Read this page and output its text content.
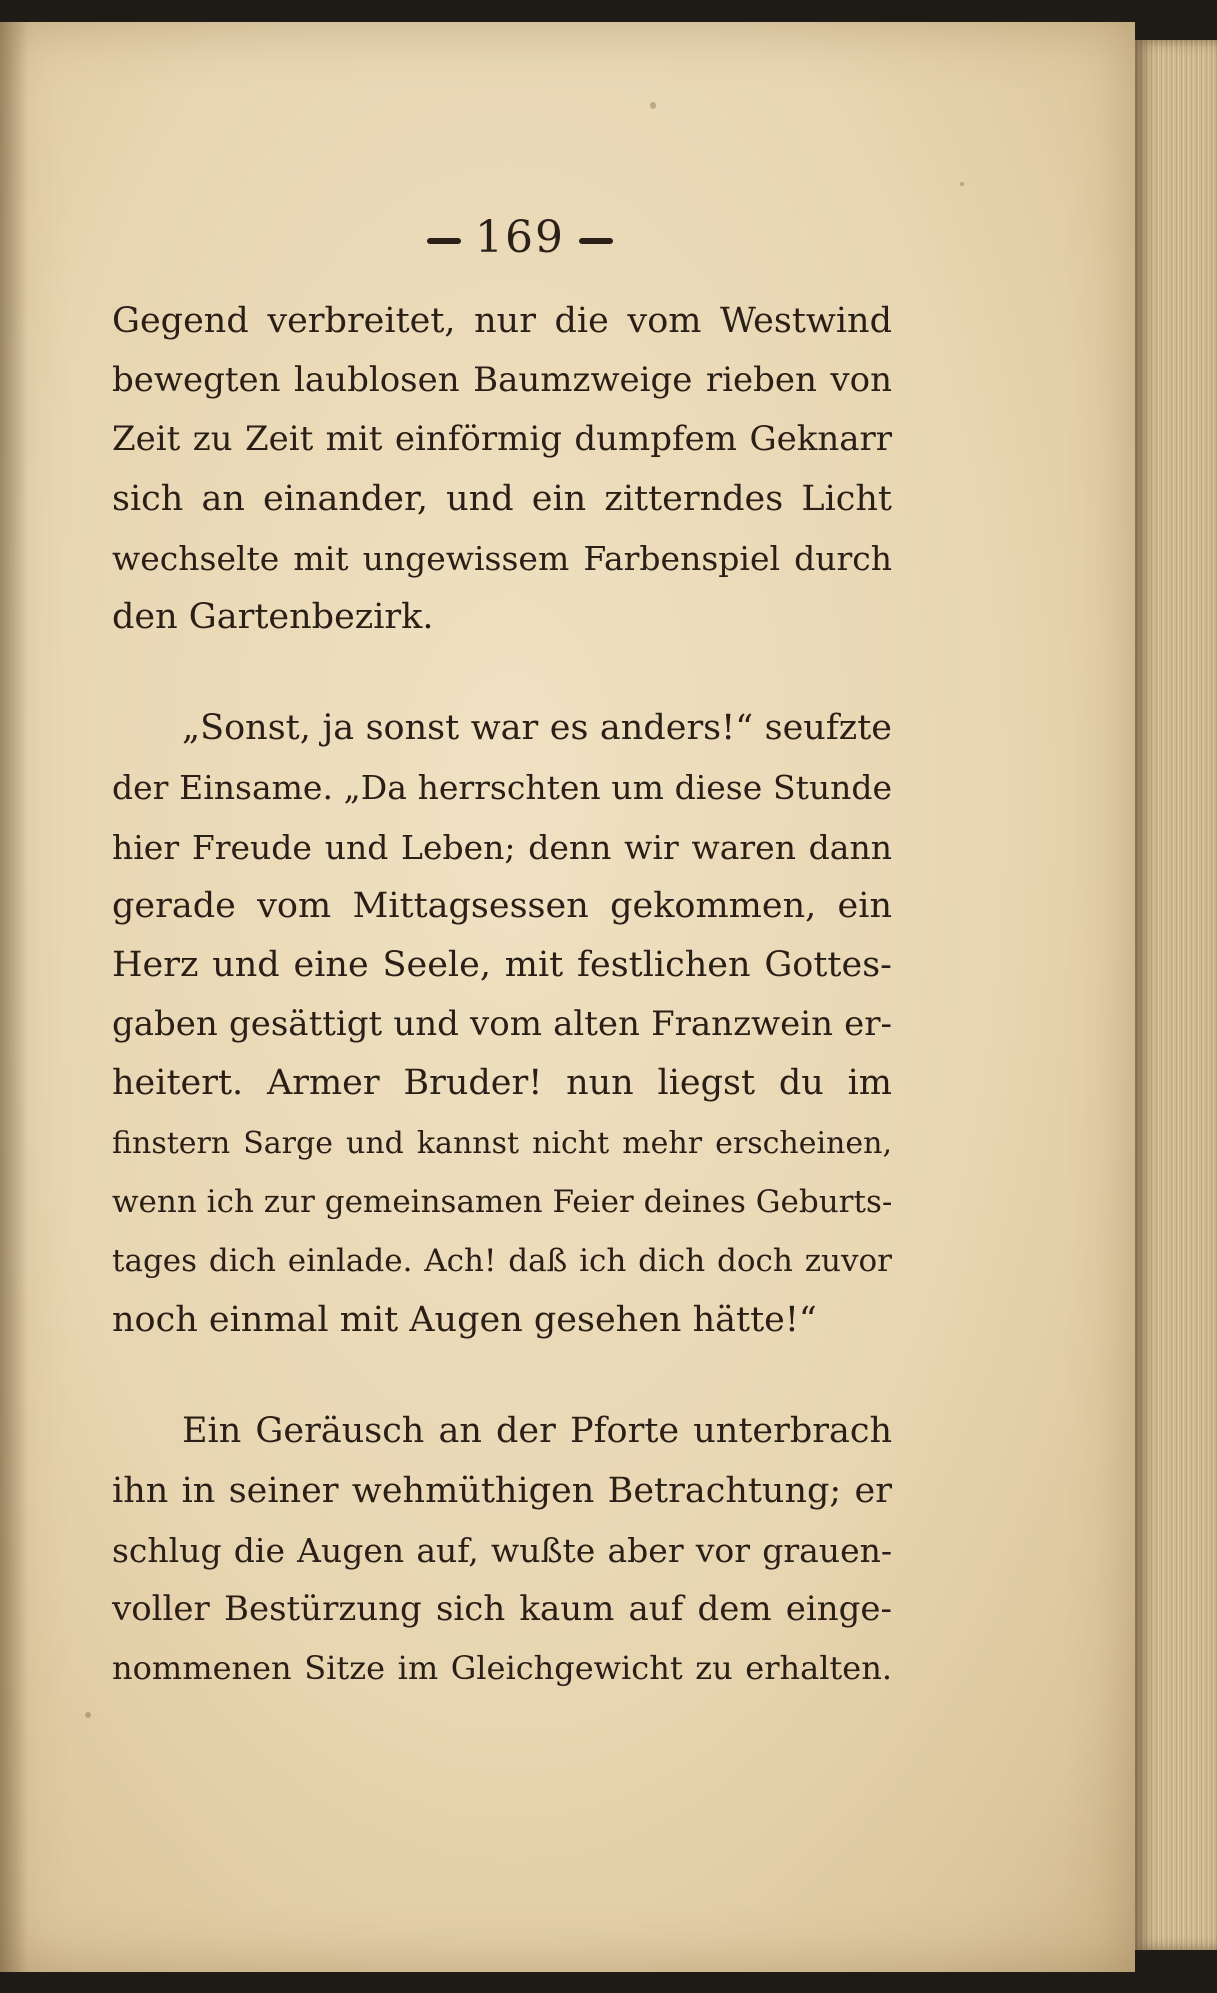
169

Gegend verbreitet, nur die vom Westwind
bewegten laublosen Baumzweige rieben von
Zeit zu Zeit mit einförmig dumpfem Geknarr
sich an einander, und ein zitterndes Licht
wechselte mit ungewissem Farbenspiel durch
den Gartenbezirk.

„Sonst, ja sonst war es anders!“ seufzte
der Einsame. „Da herrschten um diese Stunde
hier Freude und Leben; denn wir waren dann
gerade vom Mittagsessen gekommen, ein
Herz und eine Seele, mit festlichen Gottes-
gaben gesättigt und vom alten Franzwein er-
heitert. Armer Bruder! nun liegst du im
finstern Sarge und kannst nicht mehr erscheinen,
wenn ich zur gemeinsamen Feier deines Geburts-
tages dich einlade. Ach! daß ich dich doch zuvor
noch einmal mit Augen gesehen hätte!“

Ein Geräusch an der Pforte unterbrach
ihn in seiner wehmüthigen Betrachtung; er
schlug die Augen auf, wußte aber vor grauen-
voller Bestürzung sich kaum auf dem einge-
nommenen Sitze im Gleichgewicht zu erhalten.
